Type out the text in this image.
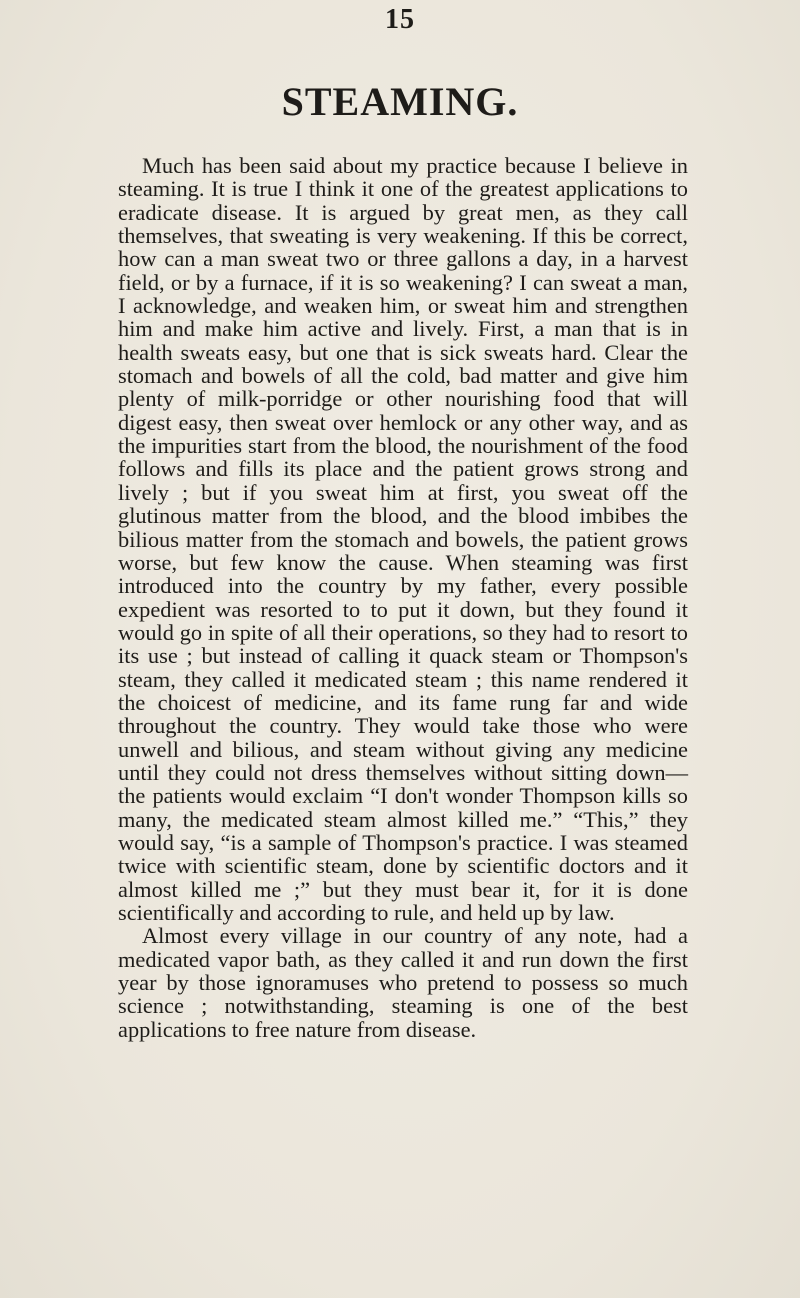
15
STEAMING.

Much has been said about my practice because I believe in steaming. It is true I think it one of the greatest applications to eradicate disease. It is argued by great men, as they call themselves, that sweating is very weakening. If this be correct, how can a man sweat two or three gallons a day, in a harvest field, or by a furnace, if it is so weakening? I can sweat a man, I acknowledge, and weaken him, or sweat him and strengthen him and make him active and lively. First, a man that is in health sweats easy, but one that is sick sweats hard. Clear the stomach and bowels of all the cold, bad matter and give him plenty of milk-porridge or other nourishing food that will digest easy, then sweat over hemlock or any other way, and as the impurities start from the blood, the nourishment of the food follows and fills its place and the patient grows strong and lively ; but if you sweat him at first, you sweat off the glutinous matter from the blood, and the blood imbibes the bilious matter from the stomach and bowels, the patient grows worse, but few know the cause. When steaming was first introduced into the country by my father, every possible expedient was resorted to to put it down, but they found it would go in spite of all their operations, so they had to resort to its use ; but instead of calling it quack steam or Thompson's steam, they called it medicated steam ; this name rendered it the choicest of medicine, and its fame rung far and wide throughout the country. They would take those who were unwell and bilious, and steam without giving any medicine until they could not dress themselves without sitting down—the patients would exclaim “I don't wonder Thompson kills so many, the medicated steam almost killed me.” “This,” they would say, “is a sample of Thompson's practice. I was steamed twice with scientific steam, done by scientific doctors and it almost killed me ;” but they must bear it, for it is done scientifically and according to rule, and held up by law.

Almost every village in our country of any note, had a medicated vapor bath, as they called it and run down the first year by those ignoramuses who pretend to possess so much science ; notwithstanding, steaming is one of the best applications to free nature from disease.
